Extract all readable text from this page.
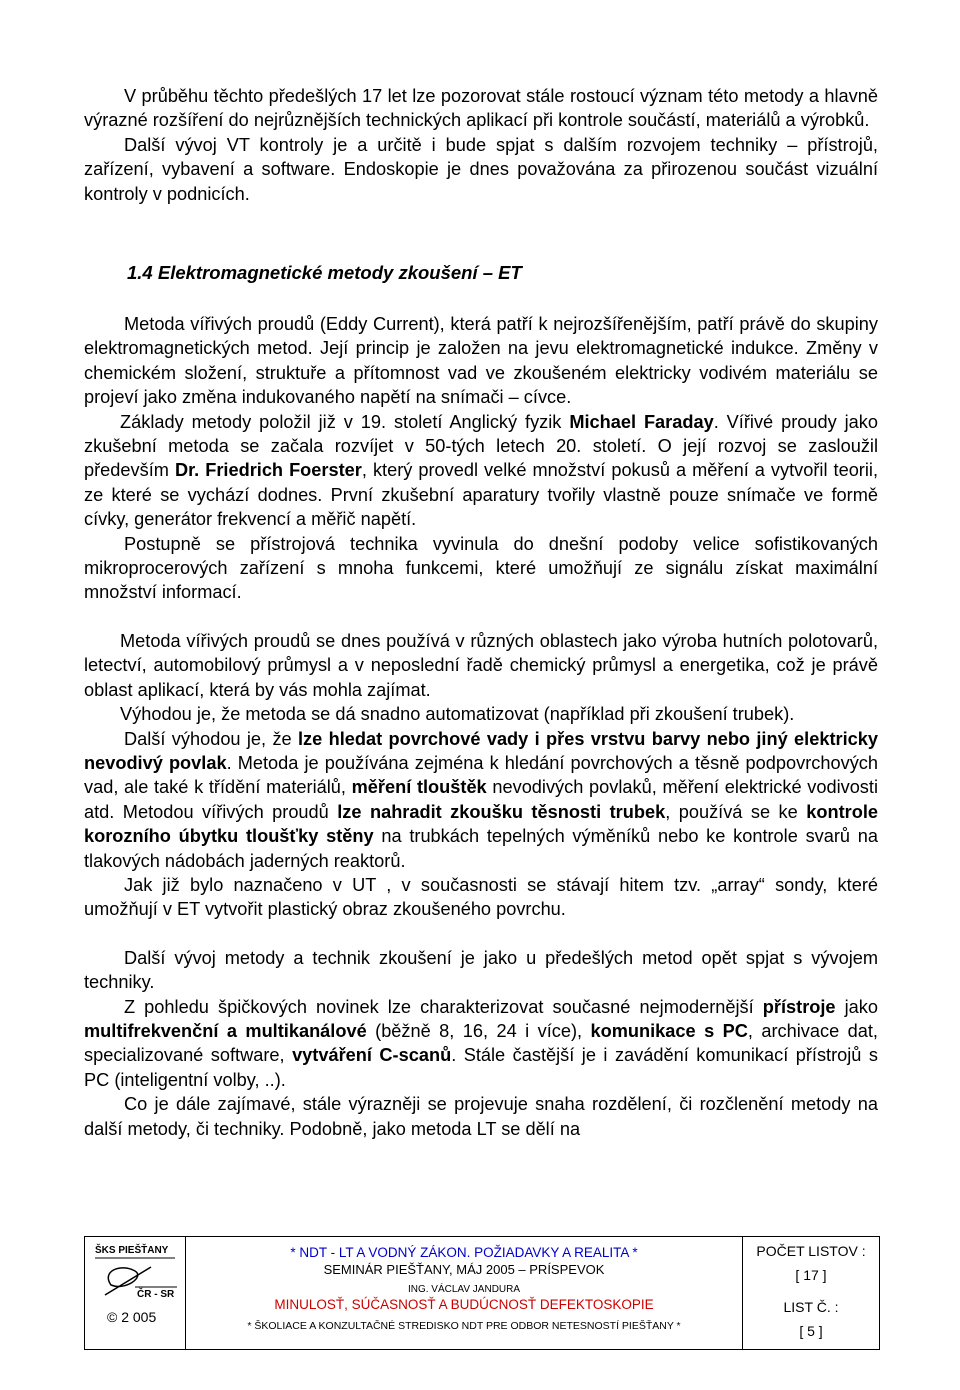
V průběhu těchto předešlých 17 let lze pozorovat stále rostoucí význam této metody a hlavně výrazné rozšíření do nejrůznějších technických aplikací při kontrole součástí, materiálů a výrobků.

Další vývoj VT kontroly je a určitě i bude spjat s dalším rozvojem techniky – přístrojů, zařízení, vybavení a software. Endoskopie je dnes považována za přirozenou součást vizuální kontroly v podnicích.

1.4 Elektromagnetické metody zkoušení – ET

Metoda vířivých proudů (Eddy Current), která patří k nejrozšířenějším, patří právě do skupiny elektromagnetických metod. Její princip je založen na jevu elektromagnetické indukce. Změny v chemickém složení, struktuře a přítomnost vad ve zkoušeném elektricky vodivém materiálu se projeví jako změna indukovaného napětí na snímači – cívce.

Základy metody položil již v 19. století Anglický fyzik Michael Faraday. Vířivé proudy jako zkušební metoda se začala rozvíjet v 50-tých letech 20. století. O její rozvoj se zasloužil především Dr. Friedrich Foerster, který provedl velké množství pokusů a měření a vytvořil teorii, ze které se vychází dodnes. První zkušební aparatury tvořily vlastně pouze snímače ve formě cívky, generátor frekvencí a měřič napětí.

Postupně se přístrojová technika vyvinula do dnešní podoby velice sofistikovaných mikroprocerových zařízení s mnoha funkcemi, které umožňují ze signálu získat maximální množství informací.

Metoda vířivých proudů se dnes používá v různých oblastech jako výroba hutních polotovarů, letectví, automobilový průmysl a v neposlední řadě chemický průmysl a energetika, což je právě oblast aplikací, která by vás mohla zajímat.

Výhodou je, že metoda se dá snadno automatizovat (například při zkoušení trubek).

Další výhodou je, že lze hledat povrchové vady i přes vrstvu barvy nebo jiný elektricky nevodivý povlak. Metoda je používána zejména k hledání povrchových a těsně podpovrchových vad, ale také k třídění materiálů, měření tlouštěk nevodivých povlaků, měření elektrické vodivosti atd. Metodou vířivých proudů lze nahradit zkoušku těsnosti trubek, používá se ke kontrole korozního úbytku tloušťky stěny na trubkách tepelných výměníků nebo ke kontrole svarů na tlakových nádobách jaderných reaktorů.

Jak již bylo naznačeno v UT , v současnosti se stávají hitem tzv. „array“ sondy, které umožňují v ET vytvořit plastický obraz zkoušeného povrchu.

Další vývoj metody a technik zkoušení je jako u předešlých metod opět spjat s vývojem techniky.

Z pohledu špičkových novinek lze charakterizovat současné nejmodernější přístroje jako multifrekvenční a multikanálové (běžně 8, 16, 24 i více), komunikace s PC, archivace dat, specializované software, vytváření C-scanů. Stále častější je i zavádění komunikací přístrojů s PC (inteligentní volby, ..).

Co je dále zajímavé, stále výrazněji se projevuje snaha rozdělení, či rozčlenění metody na další metody, či techniky. Podobně, jako metoda LT se dělí na

ŠKS PIEŠŤANY
ČR - SR
© 2 005
* NDT - LT A VODNÝ ZÁKON. POŽIADAVKY A REALITA *
SEMINÁR PIEŠŤANY, MÁJ 2005 – PRÍSPEVOK
ING. VÁCLAV JANDURA
MINULOSŤ, SÚČASNOSŤ A BUDÚCNOSŤ DEFEKTOSKOPIE
* ŠKOLIACE A KONZULTAČNÉ STREDISKO NDT PRE ODBOR NETESNOSTÍ PIEŠŤANY *
POČET LISTOV :
[ 17 ]
LIST Č. :
[ 5 ]
